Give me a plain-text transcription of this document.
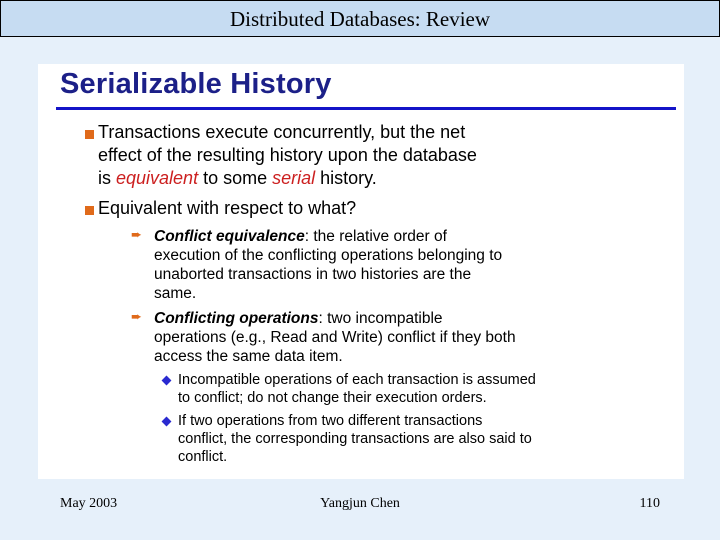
Distributed Databases: Review
Serializable History
Transactions execute concurrently, but the net
effect of the resulting history upon the database
is equivalent to some serial history.
Equivalent with respect to what?
➨ Conflict equivalence: the relative order of
execution of the conflicting operations belonging to
unaborted transactions in two histories are the
same.
➨ Conflicting operations: two incompatible
operations (e.g., Read and Write) conflict if they both
access the same data item.
Incompatible operations of each transaction is assumed
to conflict; do not change their execution orders.
If two operations from two different transactions
conflict, the corresponding transactions are also said to
conflict.
May 2003	Yangjun Chen	110
